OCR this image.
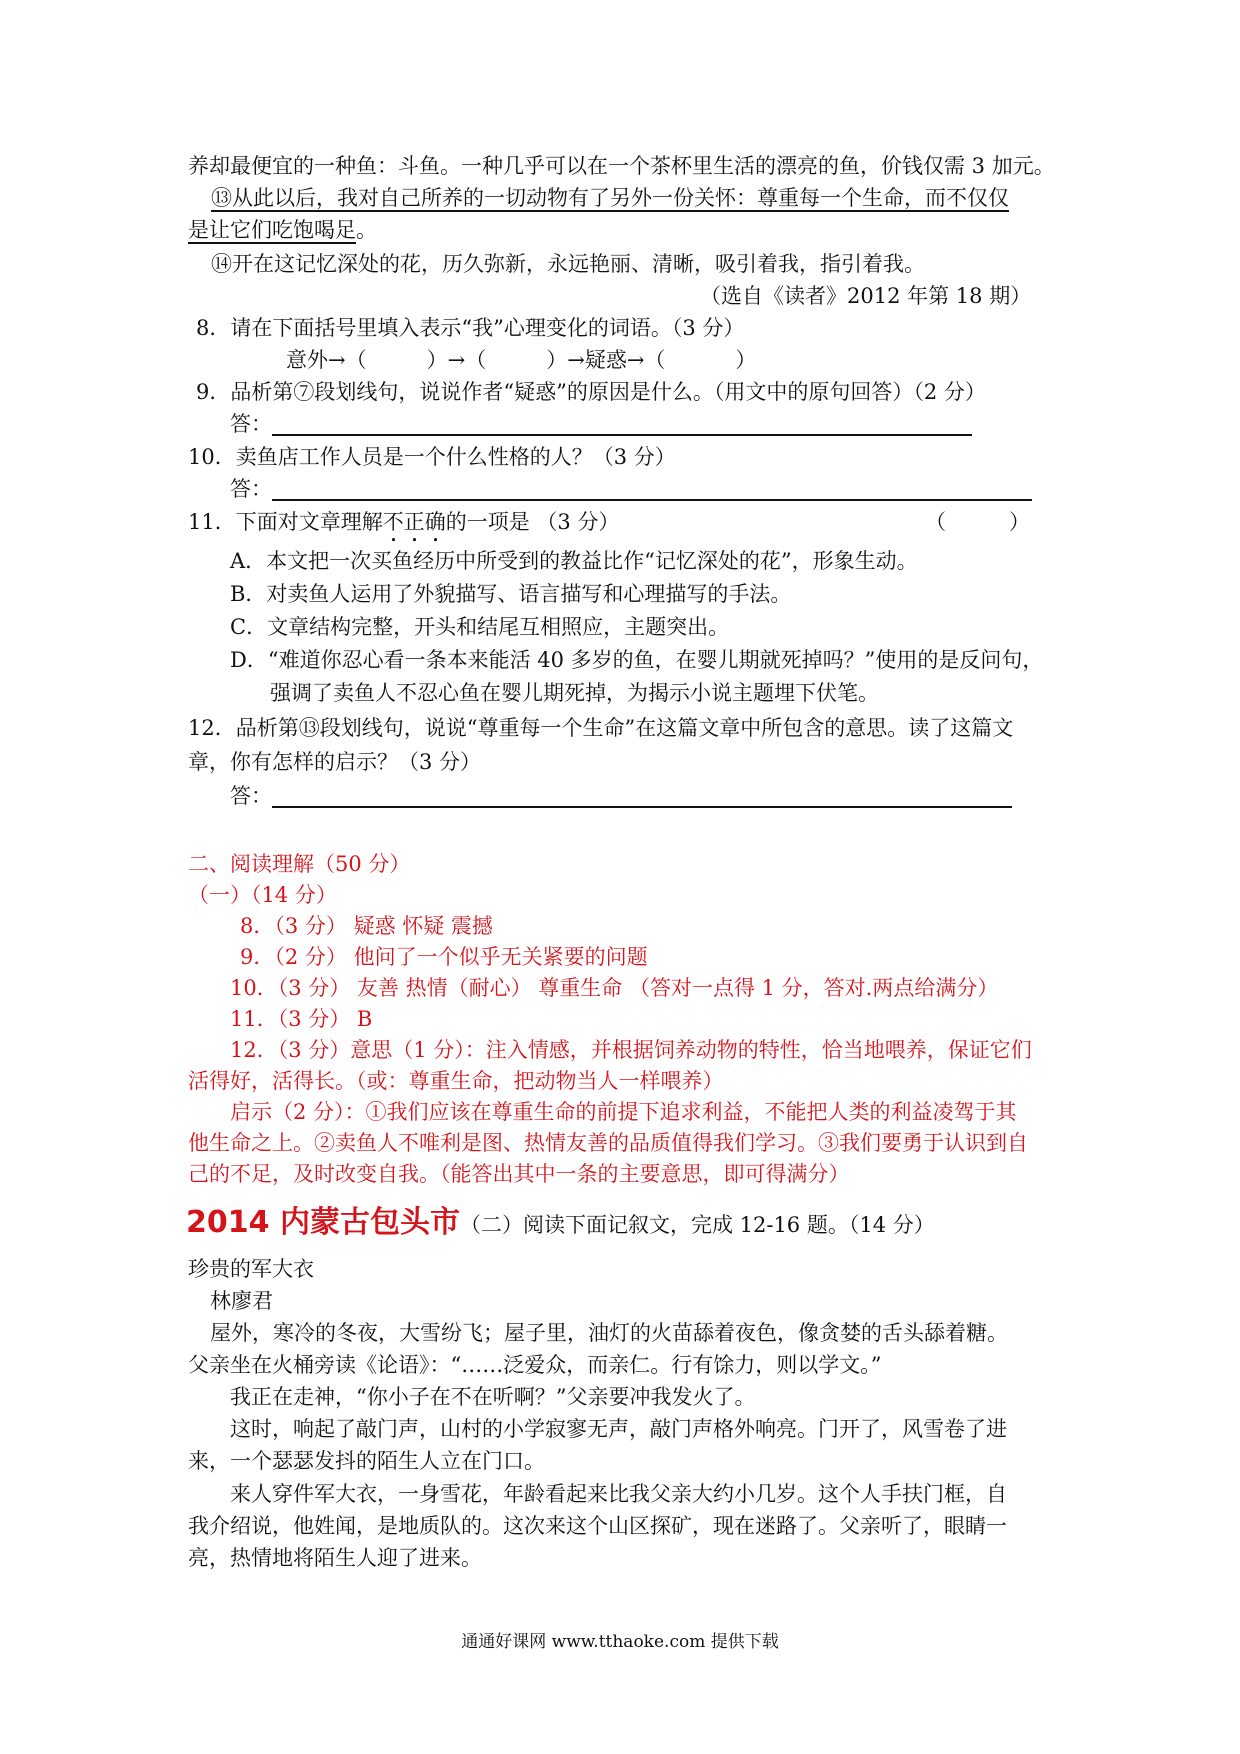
养却最便宜的一种鱼：斗鱼。一种几乎可以在一个茶杯里生活的漂亮的鱼，价钱仅需 3 加元。
⑬从此以后，我对自己所养的一切动物有了另外一份关怀：尊重每一个生命，而不仅仅
是让它们吃饱喝足。
⑭开在这记忆深处的花，历久弥新，永远艳丽、清晰，吸引着我，指引着我。
（选自《读者》2012 年第 18 期）
8．请在下面括号里填入表示“我”心理变化的词语。（3 分）
意外→（	）→（	）→疑惑→（	）
9．品析第⑦段划线句，说说作者“疑惑”的原因是什么。（用文中的原句回答）（2 分）
答：
10．卖鱼店工作人员是一个什么性格的人？（3 分）
答：
11．下面对文章理解不正确的一项是 （3 分）	（　　　）
A．本文把一次买鱼经历中所受到的教益比作“记忆深处的花”，形象生动。
B．对卖鱼人运用了外貌描写、语言描写和心理描写的手法。
C．文章结构完整，开头和结尾互相照应，主题突出。
D．“难道你忍心看一条本来能活 40 多岁的鱼，在婴儿期就死掉吗？”使用的是反问句，
强调了卖鱼人不忍心鱼在婴儿期死掉，为揭示小说主题埋下伏笔。
12．品析第⑬段划线句，说说“尊重每一个生命”在这篇文章中所包含的意思。读了这篇文
章，你有怎样的启示？（3 分）
答：
二、阅读理解（50 分）
（一）（14 分）
8．（3 分） 疑惑 怀疑 震撼
9．（2 分） 他问了一个似乎无关紧要的问题
10．（3 分） 友善 热情（耐心） 尊重生命 （答对一点得 1 分，答对.两点给满分）
11．（3 分） B
12．（3 分）意思（1 分）：注入情感，并根据饲养动物的特性，恰当地喂养，保证它们
活得好，活得长。（或：尊重生命，把动物当人一样喂养）
启示（2 分）：①我们应该在尊重生命的前提下追求利益，不能把人类的利益凌驾于其
他生命之上。②卖鱼人不唯利是图、热情友善的品质值得我们学习。③我们要勇于认识到自
己的不足，及时改变自我。（能答出其中一条的主要意思，即可得满分）
2014 内蒙古包头市（二）阅读下面记叙文，完成 12-16 题。（14 分）
珍贵的军大衣
林廖君
屋外，寒冷的冬夜，大雪纷飞；屋子里，油灯的火苗舔着夜色，像贪婪的舌头舔着糖。
父亲坐在火桶旁读《论语》：“……泛爱众，而亲仁。行有馀力，则以学文。”
我正在走神，“你小子在不在听啊？”父亲要冲我发火了。
这时，响起了敲门声，山村的小学寂寥无声，敲门声格外响亮。门开了，风雪卷了进
来，一个瑟瑟发抖的陌生人立在门口。
来人穿件军大衣，一身雪花，年龄看起来比我父亲大约小几岁。这个人手扶门框，自
我介绍说，他姓闻，是地质队的。这次来这个山区探矿，现在迷路了。父亲听了，眼睛一
亮，热情地将陌生人迎了进来。
通通好课网 www.tthaoke.com 提供下载
